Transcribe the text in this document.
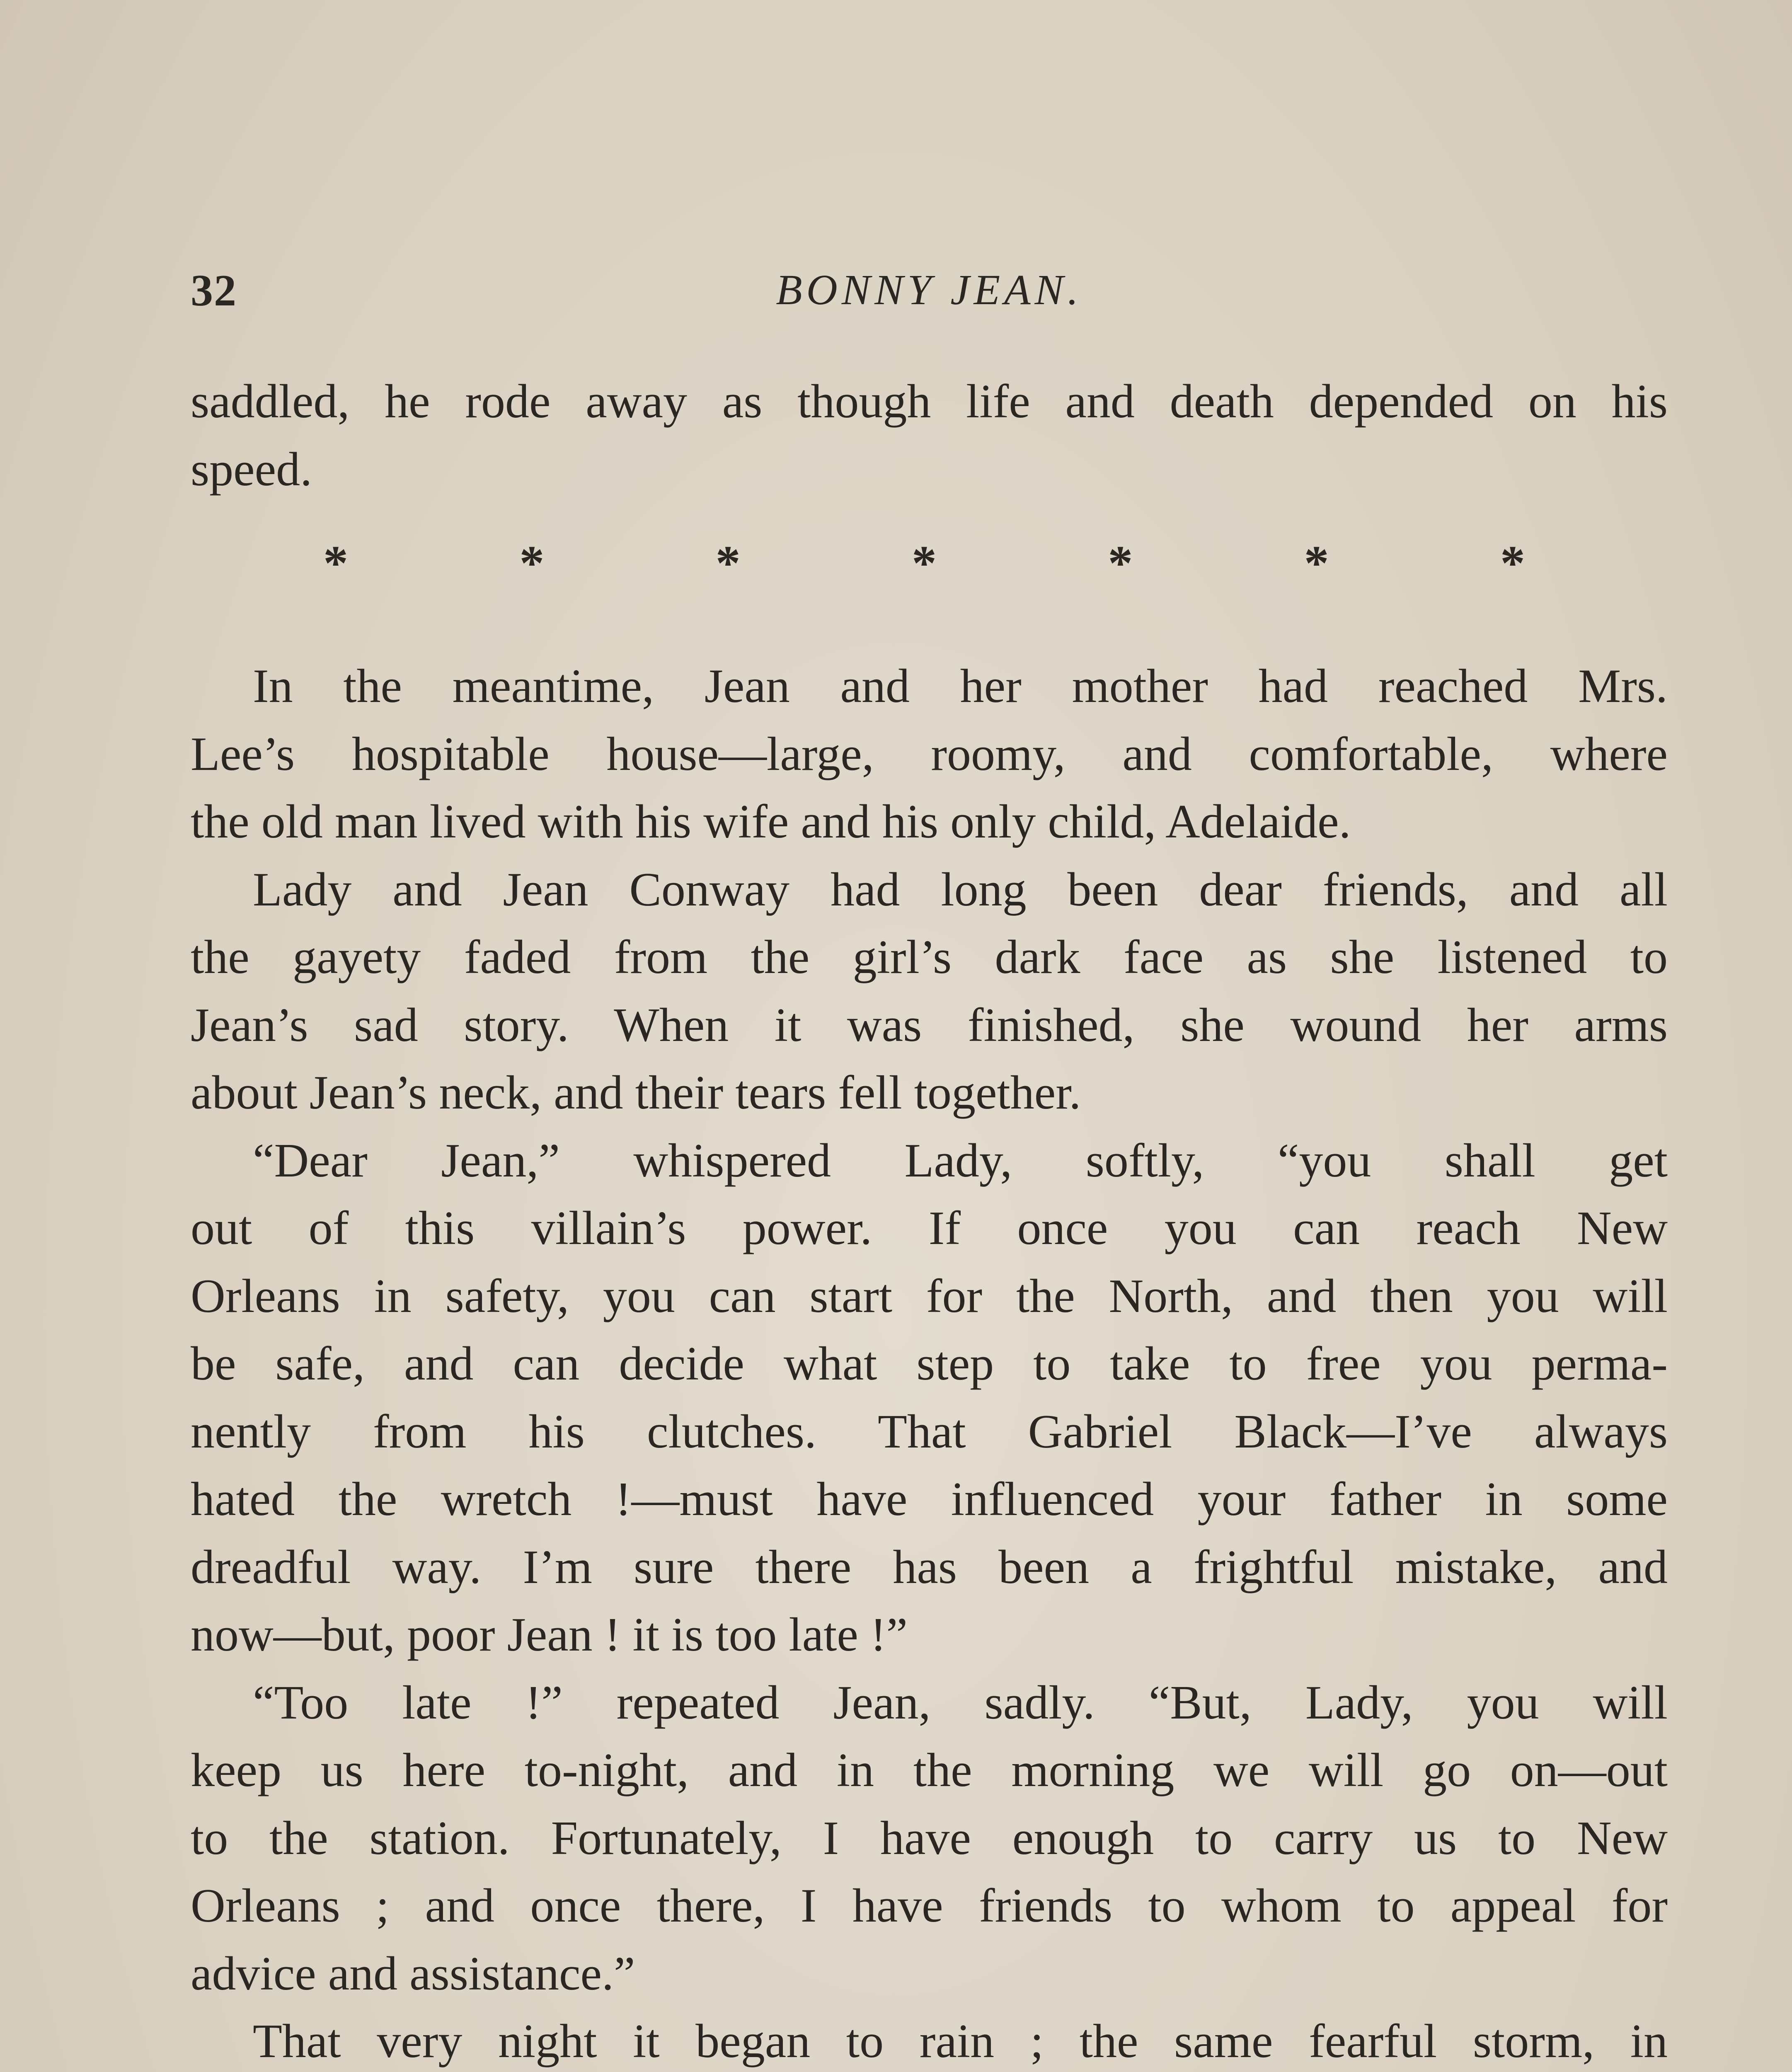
32	BONNY JEAN.
saddled, he rode away as though life and death depended on his
speed.
*	*	*	*	*	*	*
In the meantime, Jean and her mother had reached Mrs.
Lee’s hospitable house—large, roomy, and comfortable, where
the old man lived with his wife and his only child, Adelaide.
Lady and Jean Conway had long been dear friends, and all
the gayety faded from the girl’s dark face as she listened to
Jean’s sad story. When it was finished, she wound her arms
about Jean’s neck, and their tears fell together.
“Dear Jean,” whispered Lady, softly, “you shall get
out of this villain’s power. If once you can reach New
Orleans in safety, you can start for the North, and then you will
be safe, and can decide what step to take to free you perma-
nently from his clutches. That Gabriel Black—I’ve always
hated the wretch !—must have influenced your father in some
dreadful way. I’m sure there has been a frightful mistake, and
now—but, poor Jean ! it is too late !”
“Too late !” repeated Jean, sadly. “But, Lady, you will
keep us here to-night, and in the morning we will go on—out
to the station. Fortunately, I have enough to carry us to New
Orleans ; and once there, I have friends to whom to appeal for
advice and assistance.”
That very night it began to rain ; the same fearful storm, in
